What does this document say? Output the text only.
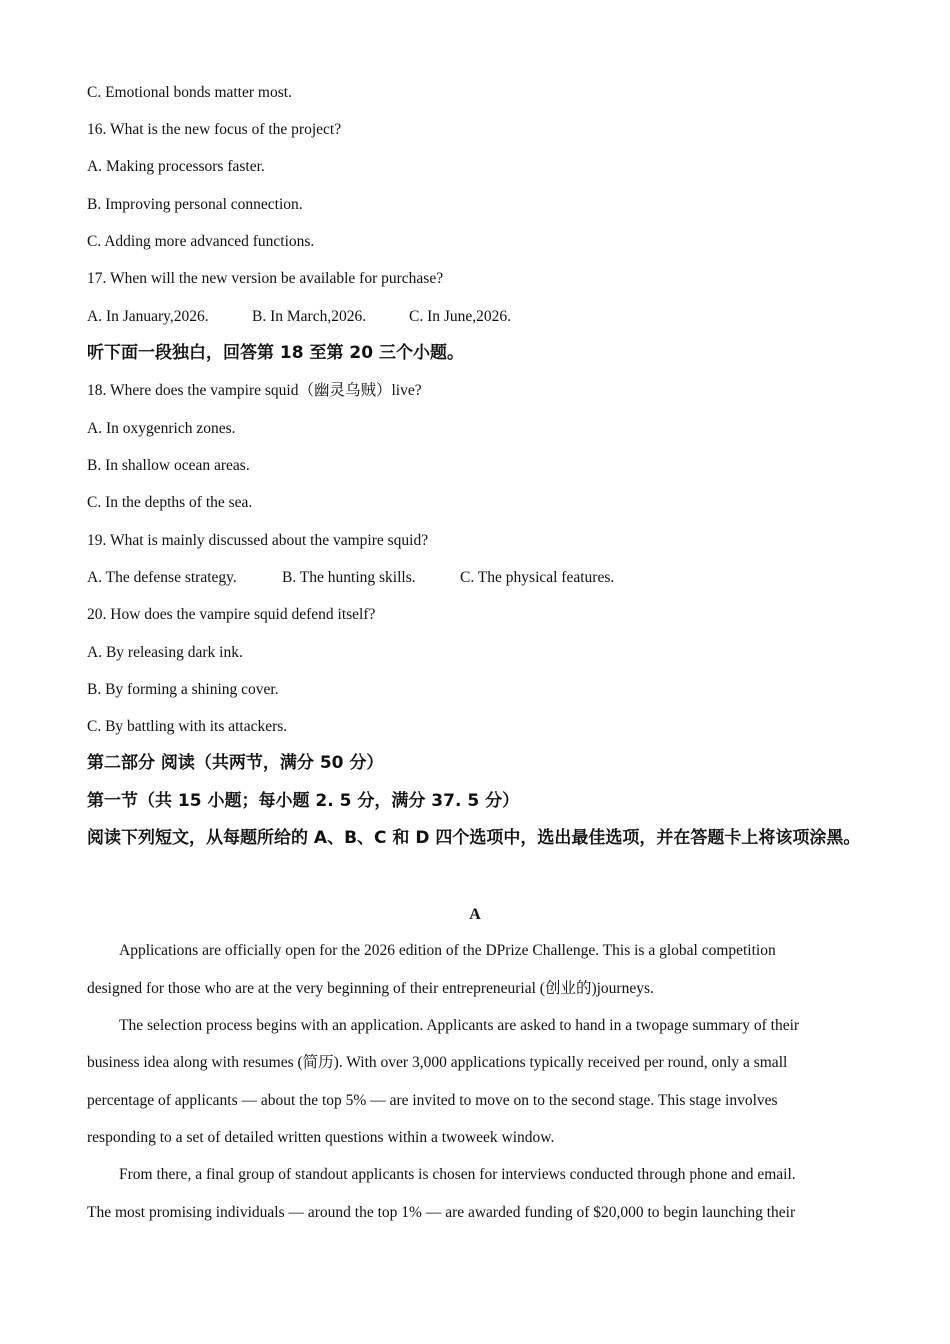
C. Emotional bonds matter most.

16. What is the new focus of the project?

A. Making processors faster.

B. Improving personal connection.

C. Adding more advanced functions.

17. When will the new version be available for purchase?

A. In January,2026.	B. In March,2026.	C. In June,2026.

听下面一段独白，回答第 18 至第 20 三个小题。

18. Where does the vampire squid（幽灵乌贼）live?

A. In oxygenrich zones.

B. In shallow ocean areas.

C. In the depths of the sea.

19. What is mainly discussed about the vampire squid?

A. The defense strategy.	B. The hunting skills.	C. The physical features.

20. How does the vampire squid defend itself?

A. By releasing dark ink.

B. By forming a shining cover.

C. By battling with its attackers.

第二部分 阅读（共两节，满分 50 分）

第一节（共 15 小题；每小题 2. 5 分，满分 37. 5 分）

阅读下列短文，从每题所给的 A、B、C 和 D 四个选项中，选出最佳选项，并在答题卡上将该项涂黑。

A

Applications are officially open for the 2026 edition of the DPrize Challenge. This is a global competition

designed for those who are at the very beginning of their entrepreneurial (创业的)journeys.

The selection process begins with an application. Applicants are asked to hand in a twopage summary of their

business idea along with resumes (简历). With over 3,000 applications typically received per round, only a small

percentage of applicants — about the top 5% — are invited to move on to the second stage. This stage involves

responding to a set of detailed written questions within a twoweek window.

From there, a final group of standout applicants is chosen for interviews conducted through phone and email.

The most promising individuals — around the top 1% — are awarded funding of $20,000 to begin launching their
